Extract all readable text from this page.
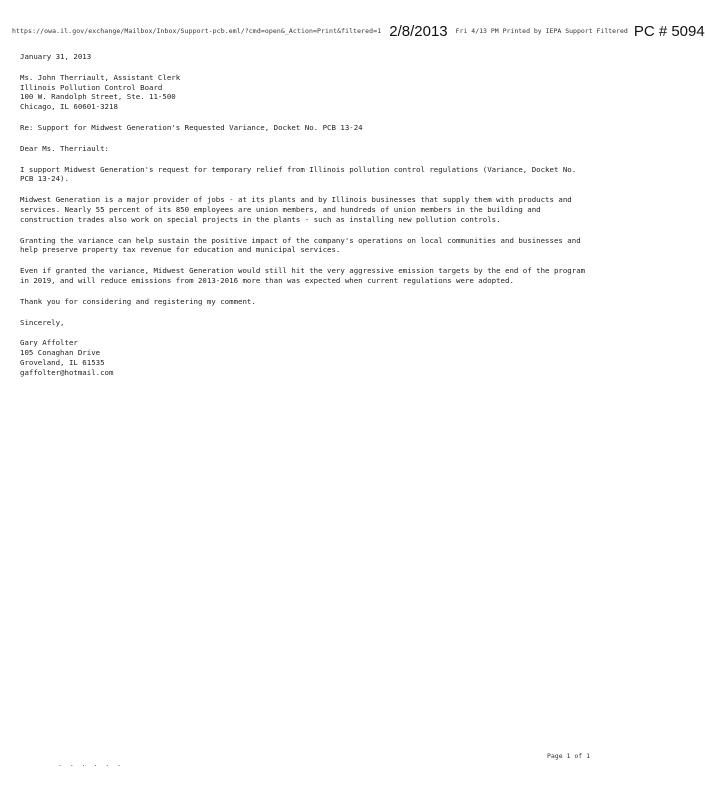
https://owa.il.gov/exchange/Mailbox/Inbox/Support-pcb.eml/?cmd=open&_Action=Print&filtered=1 2/8/2013 Fri 4/13 PM Printed by IEPA Support Filtered PC # 5094

January 31, 2013

Ms. John Therriault, Assistant Clerk
Illinois Pollution Control Board
100 W. Randolph Street, Ste. 11-500
Chicago, IL 60601-3218

Re: Support for Midwest Generation's Requested Variance, Docket No. PCB 13-24

Dear Ms. Therriault:

I support Midwest Generation's request for temporary relief from Illinois pollution control regulations (Variance, Docket No. PCB 13-24).

Midwest Generation is a major provider of jobs - at its plants and by Illinois businesses that supply them with products and services. Nearly 55 percent of its 850 employees are union members, and hundreds of union members in the building and construction trades also work on special projects in the plants - such as installing new pollution controls.

Granting the variance can help sustain the positive impact of the company's operations on local communities and businesses and help preserve property tax revenue for education and municipal services.

Even if granted the variance, Midwest Generation would still hit the very aggressive emission targets by the end of the program in 2019, and will reduce emissions from 2013-2016 more than was expected when current regulations were adopted.

Thank you for considering and registering my comment.

Sincerely,

Gary Affolter
105 Conaghan Drive
Groveland, IL 61535
gaffolter@hotmail.com

Page 1 of 1
. . . . . .
